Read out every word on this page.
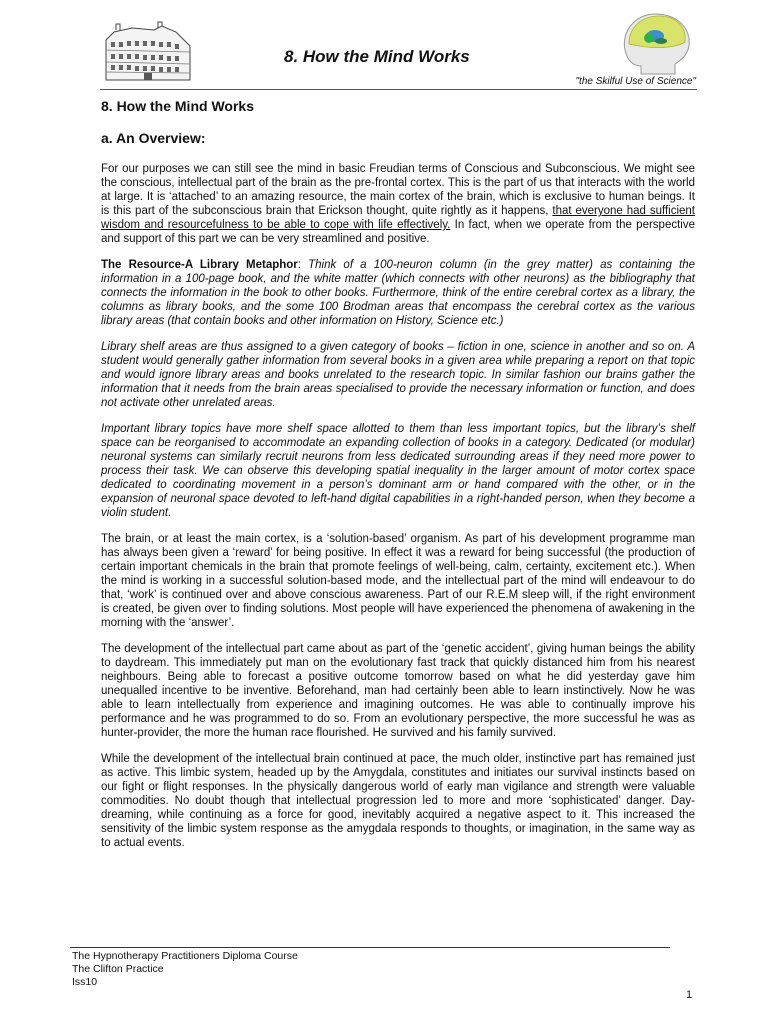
8. How the Mind Works
"the Skilful Use of Science"
8. How the Mind Works
a. An Overview:

For our purposes we can still see the mind in basic Freudian terms of Conscious and Subconscious. We might see the conscious, intellectual part of the brain as the pre-frontal cortex. This is the part of us that interacts with the world at large. It is ‘attached’ to an amazing resource, the main cortex of the brain, which is exclusive to human beings. It is this part of the subconscious brain that Erickson thought, quite rightly as it happens, that everyone had sufficient wisdom and resourcefulness to be able to cope with life effectively. In fact, when we operate from the perspective and support of this part we can be very streamlined and positive.

The Resource-A Library Metaphor: Think of a 100-neuron column (in the grey matter) as containing the information in a 100-page book, and the white matter (which connects with other neurons) as the bibliography that connects the information in the book to other books. Furthermore, think of the entire cerebral cortex as a library, the columns as library books, and the some 100 Brodman areas that encompass the cerebral cortex as the various library areas (that contain books and other information on History, Science etc.)

Library shelf areas are thus assigned to a given category of books – fiction in one, science in another and so on. A student would generally gather information from several books in a given area while preparing a report on that topic and would ignore library areas and books unrelated to the research topic. In similar fashion our brains gather the information that it needs from the brain areas specialised to provide the necessary information or function, and does not activate other unrelated areas.

Important library topics have more shelf space allotted to them than less important topics, but the library’s shelf space can be reorganised to accommodate an expanding collection of books in a category. Dedicated (or modular) neuronal systems can similarly recruit neurons from less dedicated surrounding areas if they need more power to process their task. We can observe this developing spatial inequality in the larger amount of motor cortex space dedicated to coordinating movement in a person’s dominant arm or hand compared with the other, or in the expansion of neuronal space devoted to left-hand digital capabilities in a right-handed person, when they become a violin student.

The brain, or at least the main cortex, is a ‘solution-based’ organism. As part of his development programme man has always been given a ‘reward’ for being positive. In effect it was a reward for being successful (the production of certain important chemicals in the brain that promote feelings of well-being, calm, certainty, excitement etc.). When the mind is working in a successful solution-based mode, and the intellectual part of the mind will endeavour to do that, ‘work’ is continued over and above conscious awareness. Part of our R.E.M sleep will, if the right environment is created, be given over to finding solutions. Most people will have experienced the phenomena of awakening in the morning with the ‘answer’.

The development of the intellectual part came about as part of the ‘genetic accident’, giving human beings the ability to daydream. This immediately put man on the evolutionary fast track that quickly distanced him from his nearest neighbours. Being able to forecast a positive outcome tomorrow based on what he did yesterday gave him unequalled incentive to be inventive. Beforehand, man had certainly been able to learn instinctively. Now he was able to learn intellectually from experience and imagining outcomes. He was able to continually improve his performance and he was programmed to do so. From an evolutionary perspective, the more successful he was as hunter-provider, the more the human race flourished. He survived and his family survived.

While the development of the intellectual brain continued at pace, the much older, instinctive part has remained just as active. This limbic system, headed up by the Amygdala, constitutes and initiates our survival instincts based on our fight or flight responses. In the physically dangerous world of early man vigilance and strength were valuable commodities. No doubt though that intellectual progression led to more and more ‘sophisticated’ danger. Day-dreaming, while continuing as a force for good, inevitably acquired a negative aspect to it. This increased the sensitivity of the limbic system response as the amygdala responds to thoughts, or imagination, in the same way as to actual events.

The Hypnotherapy Practitioners Diploma Course
The Clifton Practice
Iss10
1
